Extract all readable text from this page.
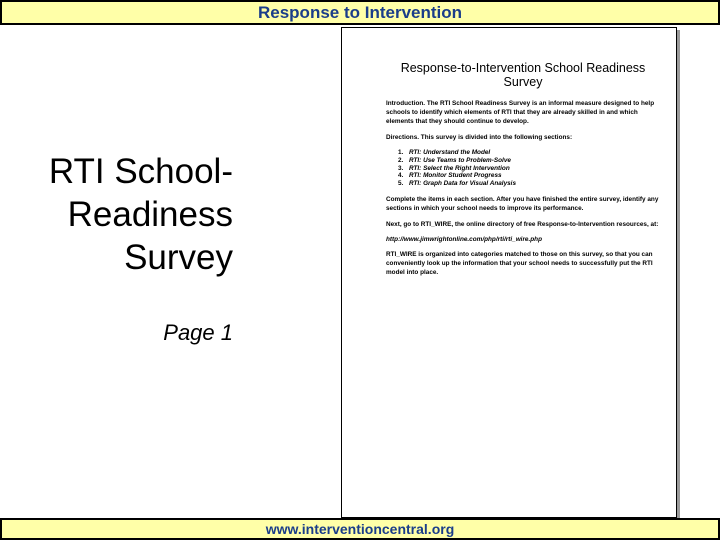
Response to Intervention
RTI School-
Readiness
Survey
Page 1
Response-to-Intervention School Readiness Survey

Introduction. The RTI School Readiness Survey is an informal measure designed to help schools to identify which elements of RTI that they are already skilled in and which elements that they should continue to develop.

Directions. This survey is divided into the following sections:

1. RTI: Understand the Model
2. RTI: Use Teams to Problem-Solve
3. RTI: Select the Right Intervention
4. RTI: Monitor Student Progress
5. RTI: Graph Data for Visual Analysis

Complete the items in each section. After you have finished the entire survey, identify any sections in which your school needs to improve its performance.

Next, go to RTI_WIRE, the online directory of free Response-to-Intervention resources, at:

http://www.jimwrightonline.com/php/rti/rti_wire.php

RTI_WIRE is organized into categories matched to those on this survey, so that you can conveniently look up the information that your school needs to successfully put the RTI model into place.

www.interventioncentral.org
